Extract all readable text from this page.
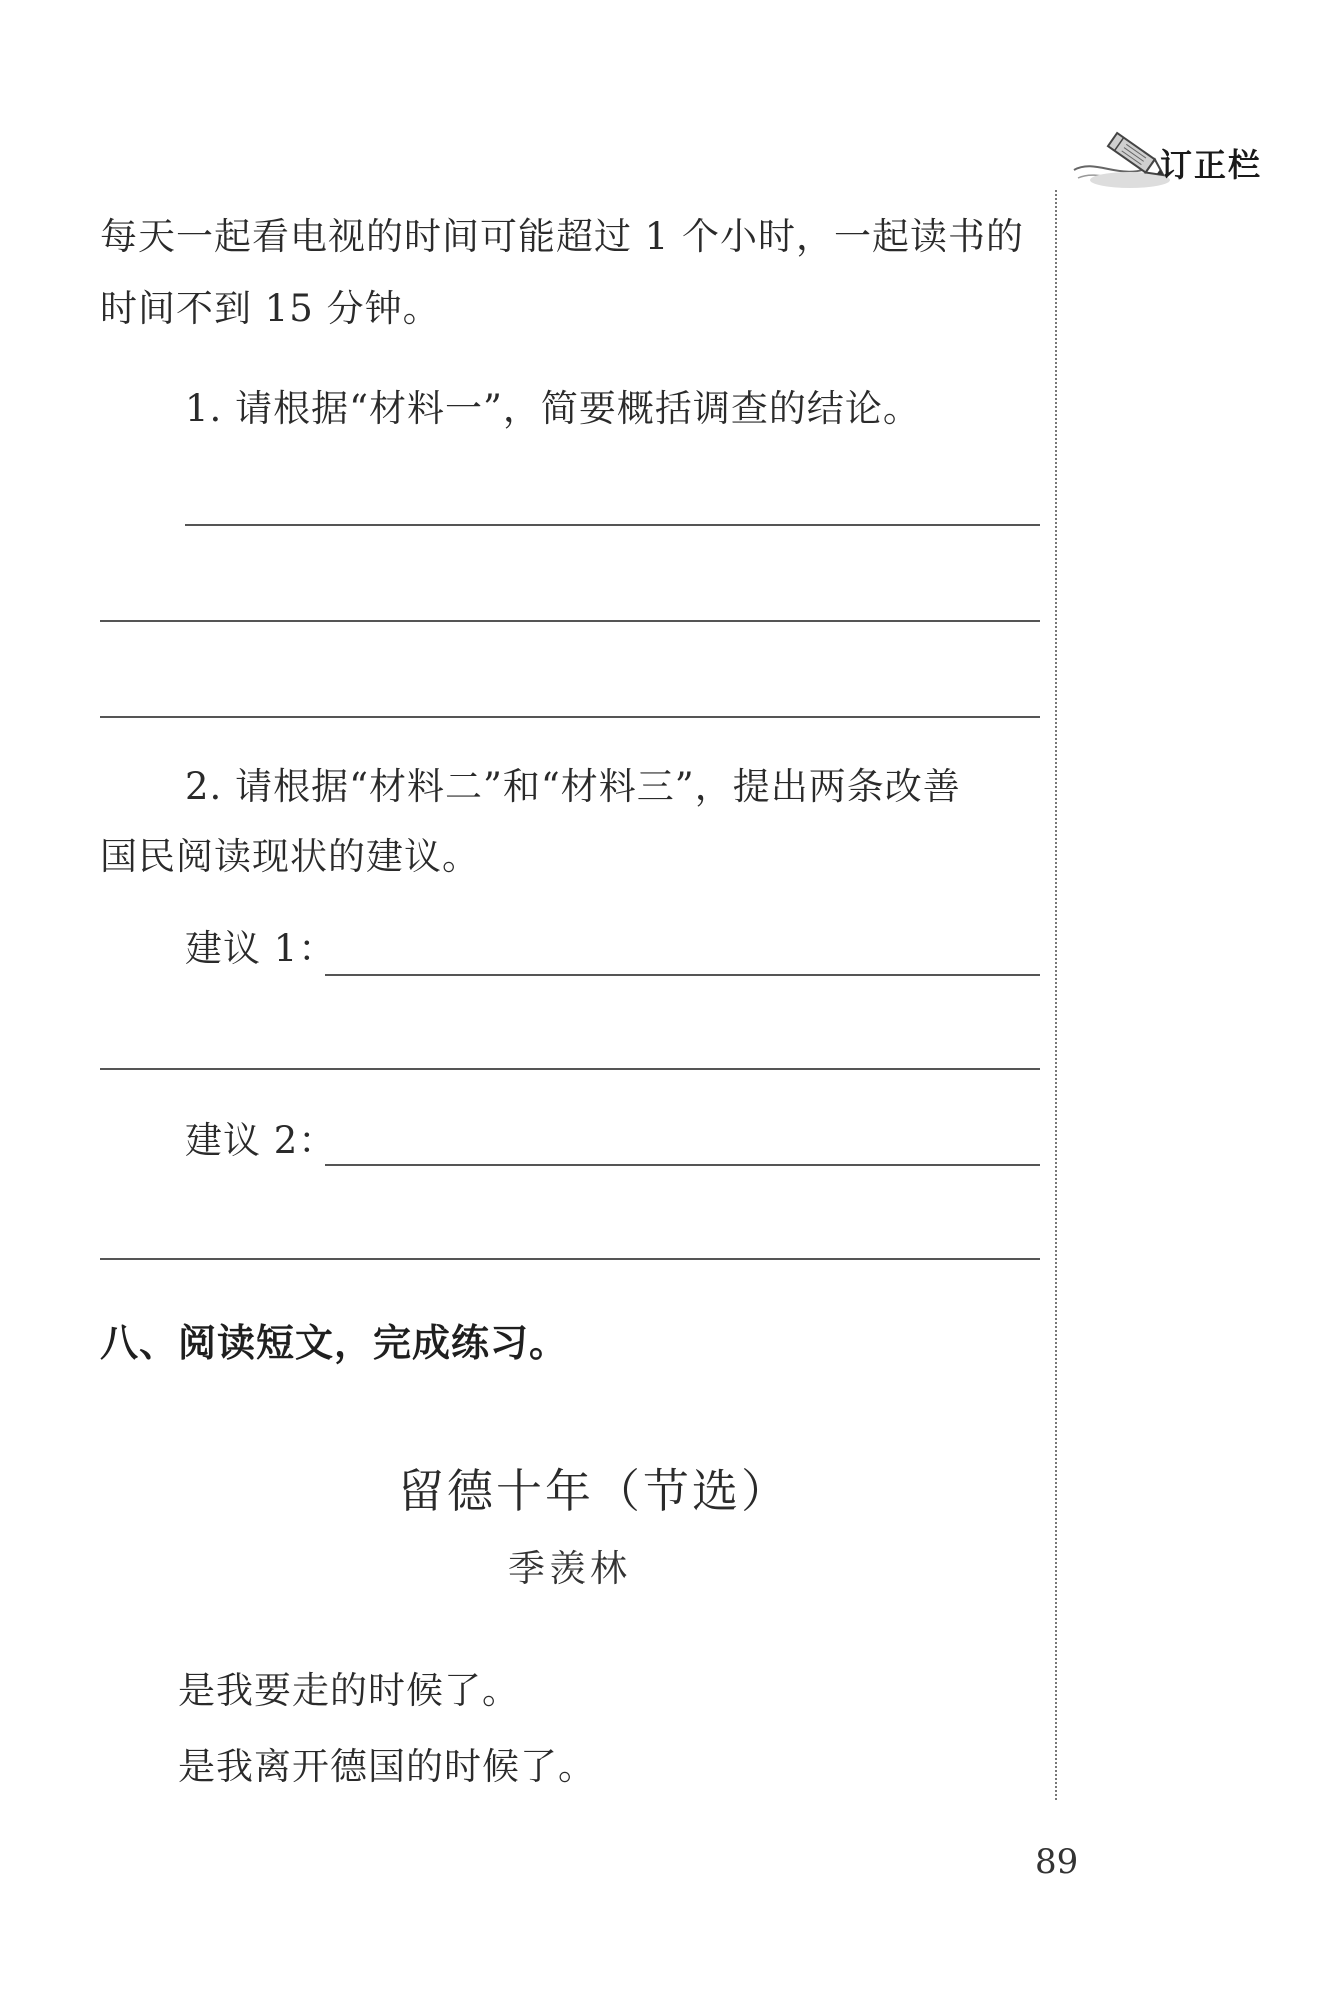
订正栏
每天一起看电视的时间可能超过 1 个小时，一起读书的
时间不到 15 分钟。
1. 请根据“材料一”，简要概括调查的结论。
2. 请根据“材料二”和“材料三”，提出两条改善
国民阅读现状的建议。
建议 1：
建议 2：
八、阅读短文，完成练习。
留德十年（节选）
季羡林
是我要走的时候了。
是我离开德国的时候了。
89
